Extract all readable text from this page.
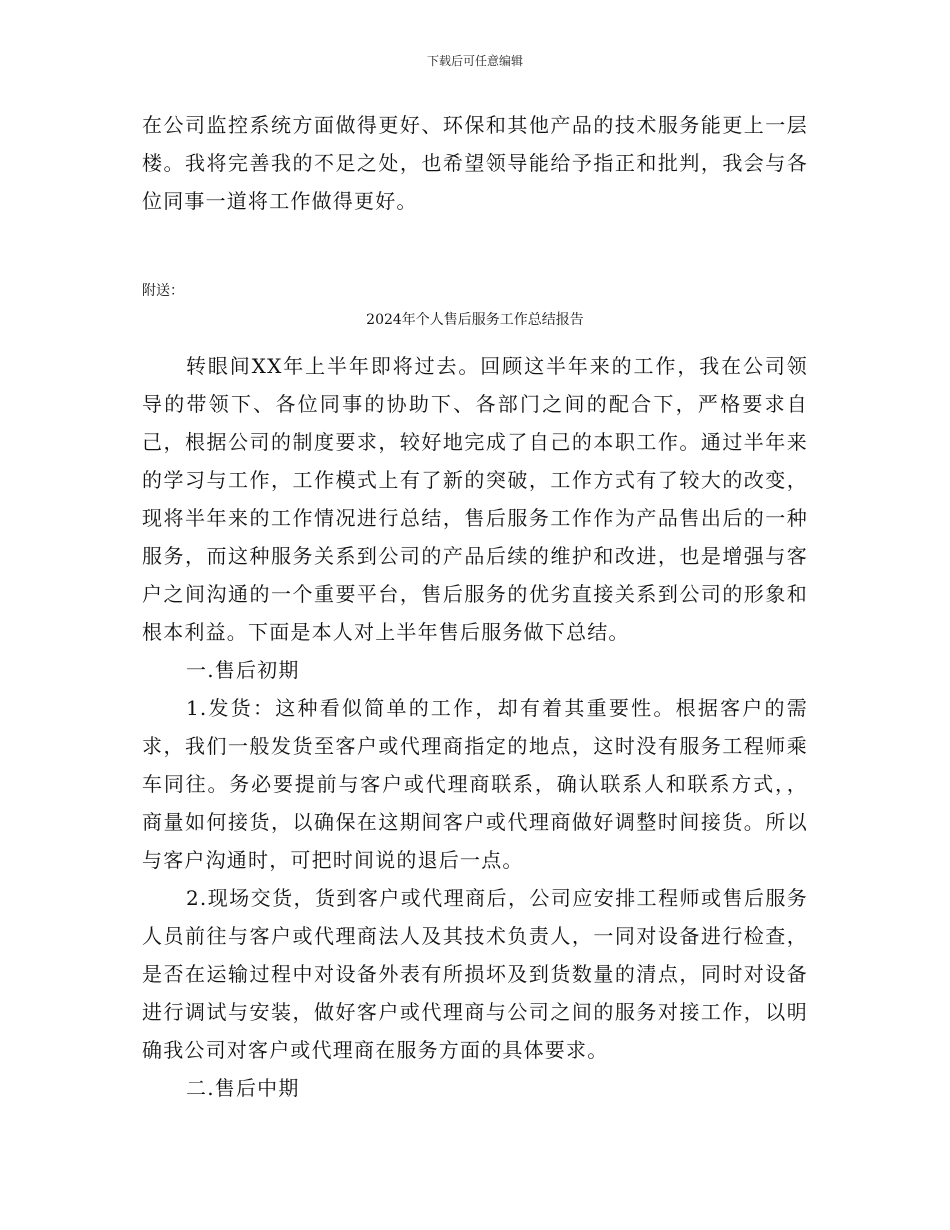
下载后可任意编辑

在公司监控系统方面做得更好、环保和其他产品的技术服务能更上一层楼。我将完善我的不足之处，也希望领导能给予指正和批判，我会与各位同事一道将工作做得更好。

附送：
2024年个人售后服务工作总结报告

转眼间XX年上半年即将过去。回顾这半年来的工作，我在公司领导的带领下、各位同事的协助下、各部门之间的配合下，严格要求自己，根据公司的制度要求，较好地完成了自己的本职工作。通过半年来的学习与工作，工作模式上有了新的突破，工作方式有了较大的改变，现将半年来的工作情况进行总结，售后服务工作作为产品售出后的一种服务，而这种服务关系到公司的产品后续的维护和改进，也是增强与客户之间沟通的一个重要平台，售后服务的优劣直接关系到公司的形象和根本利益。下面是本人对上半年售后服务做下总结。

一.售后初期

1.发货：这种看似简单的工作，却有着其重要性。根据客户的需求，我们一般发货至客户或代理商指定的地点，这时没有服务工程师乘车同往。务必要提前与客户或代理商联系，确认联系人和联系方式，，商量如何接货，以确保在这期间客户或代理商做好调整时间接货。所以与客户沟通时，可把时间说的退后一点。

2.现场交货，货到客户或代理商后，公司应安排工程师或售后服务人员前往与客户或代理商法人及其技术负责人，一同对设备进行检查，是否在运输过程中对设备外表有所损坏及到货数量的清点，同时对设备进行调试与安装，做好客户或代理商与公司之间的服务对接工作，以明确我公司对客户或代理商在服务方面的具体要求。

二.售后中期
